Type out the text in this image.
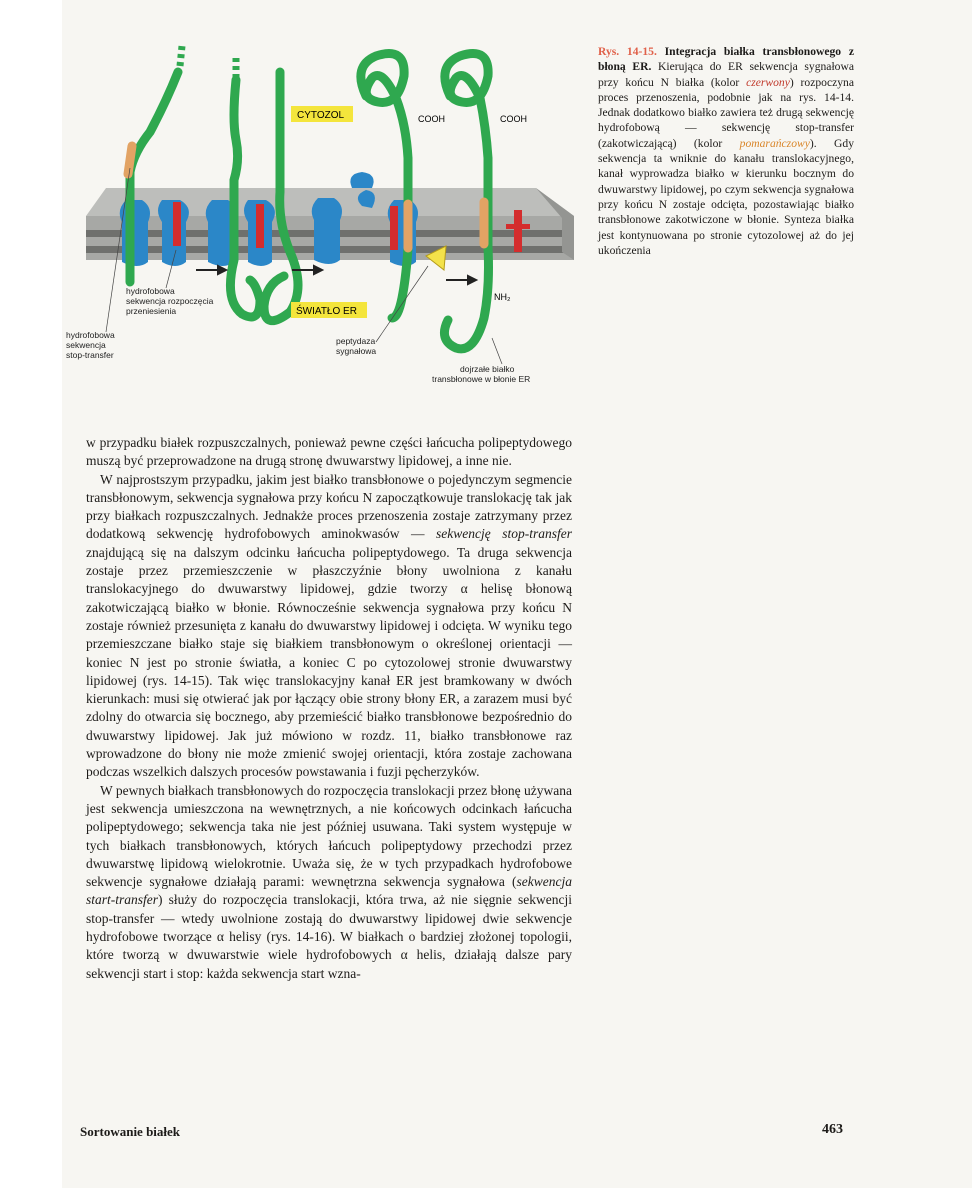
CYTOZOL
ŚWIATŁO ER
COOH	COOH
NH₂
hydrofobowa
sekwencja rozpoczęcia
przeniesienia
hydrofobowa
sekwencja
stop-transfer
peptydaza
sygnałowa
dojrzałe białko
transbłonowe w błonie ER
Rys. 14-15. Integracja białka transbłonowego z błoną ER. Kierująca do ER sekwencja sygnałowa przy końcu N białka (kolor czerwony) rozpoczyna proces przenoszenia, podobnie jak na rys. 14-14. Jednak dodatkowo białko zawiera też drugą sekwencję hydrofobową — sekwencję stop-transfer (zakotwiczającą) (kolor pomarańczowy). Gdy sekwencja ta wniknie do kanału translokacyjnego, kanał wyprowadza białko w kierunku bocznym do dwuwarstwy lipidowej, po czym sekwencja sygnałowa przy końcu N zostaje odcięta, pozostawiając białko transbłonowe zakotwiczone w błonie. Synteza białka jest kontynuowana po stronie cytozolowej aż do jej ukończenia

w przypadku białek rozpuszczalnych, ponieważ pewne części łańcucha polipeptydowego muszą być przeprowadzone na drugą stronę dwuwarstwy lipidowej, a inne nie.

W najprostszym przypadku, jakim jest białko transbłonowe o pojedynczym segmencie transbłonowym, sekwencja sygnałowa przy końcu N zapoczątkowuje translokację tak jak przy białkach rozpuszczalnych. Jednakże proces przenoszenia zostaje zatrzymany przez dodatkową sekwencję hydrofobowych aminokwasów — sekwencję stop-transfer znajdującą się na dalszym odcinku łańcucha polipeptydowego. Ta druga sekwencja zostaje przez przemieszczenie w płaszczyźnie błony uwolniona z kanału translokacyjnego do dwuwarstwy lipidowej, gdzie tworzy α helisę błonową zakotwiczającą białko w błonie. Równocześnie sekwencja sygnałowa przy końcu N zostaje również przesunięta z kanału do dwuwarstwy lipidowej i odcięta. W wyniku tego przemieszczane białko staje się białkiem transbłonowym o określonej orientacji — koniec N jest po stronie światła, a koniec C po cytozolowej stronie dwuwarstwy lipidowej (rys. 14-15). Tak więc translokacyjny kanał ER jest bramkowany w dwóch kierunkach: musi się otwierać jak por łączący obie strony błony ER, a zarazem musi być zdolny do otwarcia się bocznego, aby przemieścić białko transbłonowe bezpośrednio do dwuwarstwy lipidowej. Jak już mówiono w rozdz. 11, białko transbłonowe raz wprowadzone do błony nie może zmienić swojej orientacji, która zostaje zachowana podczas wszelkich dalszych procesów powstawania i fuzji pęcherzyków.

W pewnych białkach transbłonowych do rozpoczęcia translokacji przez błonę używana jest sekwencja umieszczona na wewnętrznych, a nie końcowych odcinkach łańcucha polipeptydowego; sekwencja taka nie jest później usuwana. Taki system występuje w tych białkach transbłonowych, których łańcuch polipeptydowy przechodzi przez dwuwarstwę lipidową wielokrotnie. Uważa się, że w tych przypadkach hydrofobowe sekwencje sygnałowe działają parami: wewnętrzna sekwencja sygnałowa (sekwencja start-transfer) służy do rozpoczęcia translokacji, która trwa, aż nie sięgnie sekwencji stop-transfer — wtedy uwolnione zostają do dwuwarstwy lipidowej dwie sekwencje hydrofobowe tworzące α helisy (rys. 14-16). W białkach o bardziej złożonej topologii, które tworzą w dwuwarstwie wiele hydrofobowych α helis, działają dalsze pary sekwencji start i stop: każda sekwencja start wzna-

Sortowanie białek	463
